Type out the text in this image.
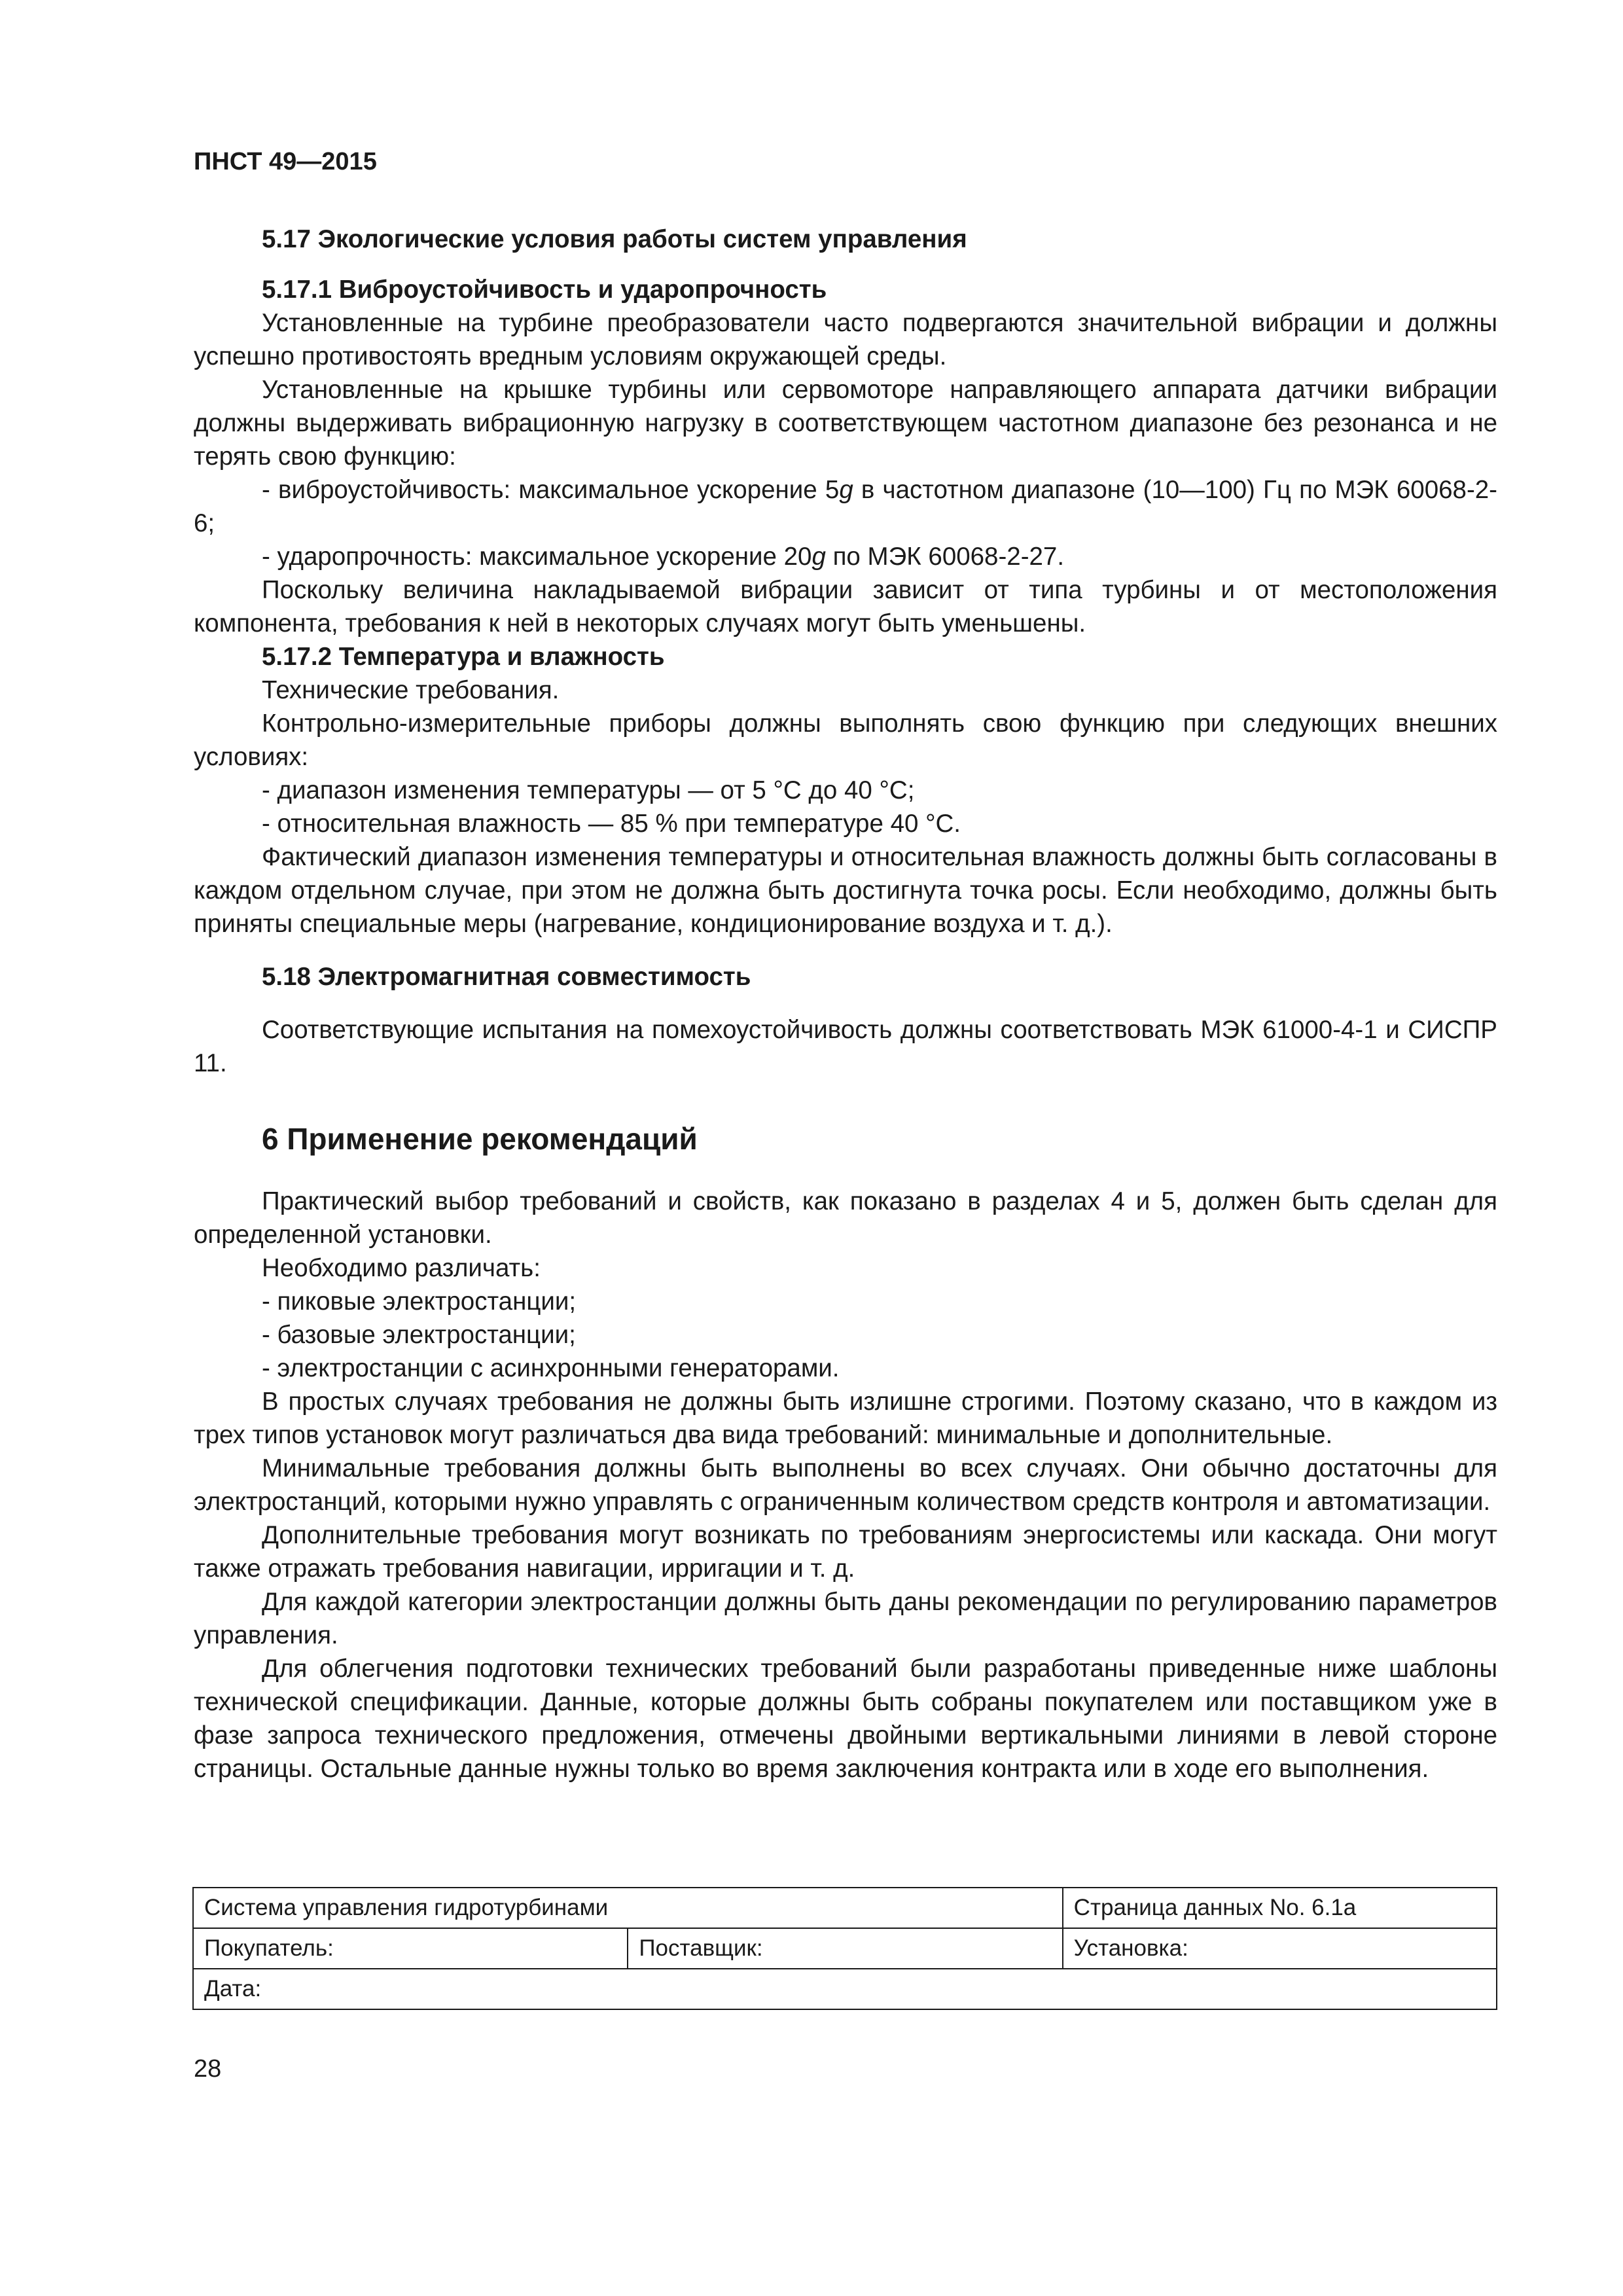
ПНСТ 49—2015

5.17 Экологические условия работы систем управления

5.17.1 Виброустойчивость и ударопрочность

Установленные на турбине преобразователи часто подвергаются значительной вибрации и должны успешно противостоять вредным условиям окружающей среды.

Установленные на крышке турбины или сервомоторе направляющего аппарата датчики вибрации должны выдерживать вибрационную нагрузку в соответствующем частотном диапазоне без резонанса и не терять свою функцию:

- виброустойчивость: максимальное ускорение 5g в частотном диапазоне (10—100) Гц по МЭК 60068-2-6;

- ударопрочность: максимальное ускорение 20g по МЭК 60068-2-27.

Поскольку величина накладываемой вибрации зависит от типа турбины и от местоположения компонента, требования к ней в некоторых случаях могут быть уменьшены.

5.17.2 Температура и влажность

Технические требования.

Контрольно-измерительные приборы должны выполнять свою функцию при следующих внешних условиях:

- диапазон изменения температуры — от 5 °C до 40 °C;

- относительная влажность — 85 % при температуре 40 °C.

Фактический диапазон изменения температуры и относительная влажность должны быть согласованы в каждом отдельном случае, при этом не должна быть достигнута точка росы. Если необходимо, должны быть приняты специальные меры (нагревание, кондиционирование воздуха и т. д.).

5.18 Электромагнитная совместимость

Соответствующие испытания на помехоустойчивость должны соответствовать МЭК 61000-4-1 и СИСПР 11.

6 Применение рекомендаций

Практический выбор требований и свойств, как показано в разделах 4 и 5, должен быть сделан для определенной установки.

Необходимо различать:

- пиковые электростанции;

- базовые электростанции;

- электростанции с асинхронными генераторами.

В простых случаях требования не должны быть излишне строгими. Поэтому сказано, что в каждом из трех типов установок могут различаться два вида требований: минимальные и дополнительные.

Минимальные требования должны быть выполнены во всех случаях. Они обычно достаточны для электростанций, которыми нужно управлять с ограниченным количеством средств контроля и автоматизации.

Дополнительные требования могут возникать по требованиям энергосистемы или каскада. Они могут также отражать требования навигации, ирригации и т. д.

Для каждой категории электростанции должны быть даны рекомендации по регулированию параметров управления.

Для облегчения подготовки технических требований были разработаны приведенные ниже шаблоны технической спецификации. Данные, которые должны быть собраны покупателем или поставщиком уже в фазе запроса технического предложения, отмечены двойными вертикальными линиями в левой стороне страницы. Остальные данные нужны только во время заключения контракта или в ходе его выполнения.

Система управления гидротурбинами		Страница данных No. 6.1a
Покупатель:	Поставщик:	Установка:
Дата:		
28
